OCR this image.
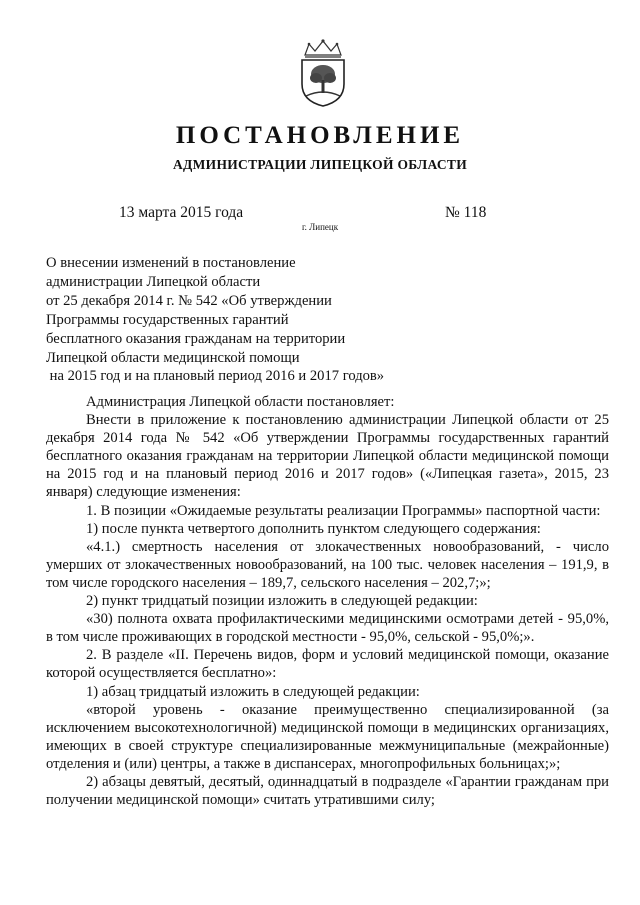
ПОСТАНОВЛЕНИЕ
АДМИНИСТРАЦИИ ЛИПЕЦКОЙ ОБЛАСТИ
13 марта 2015 года
г. Липецк
№ 118
О внесении изменений в постановление
администрации Липецкой области
от 25 декабря 2014 г. № 542 «Об утверждении
Программы государственных гарантий
бесплатного оказания гражданам на территории
Липецкой области медицинской помощи
на 2015 год и на плановый период 2016 и 2017 годов»

Администрация Липецкой области постановляет:

Внести в приложение к постановлению администрации Липецкой области от 25 декабря 2014 года № 542 «Об утверждении Программы государственных гарантий бесплатного оказания гражданам на территории Липецкой области медицинской помощи на 2015 год и на плановый период 2016 и 2017 годов» («Липецкая газета», 2015, 23 января) следующие изменения:

1. В позиции «Ожидаемые результаты реализации Программы» паспортной части:

1) после пункта четвертого дополнить пунктом следующего содержания:

«4.1.) смертность населения от злокачественных новообразований, - число умерших от злокачественных новообразований, на 100 тыс. человек населения – 191,9, в том числе городского населения – 189,7, сельского населения – 202,7;»;

2) пункт тридцатый позиции изложить в следующей редакции:

«30) полнота охвата профилактическими медицинскими осмотрами детей - 95,0%, в том числе проживающих в городской местности - 95,0%, сельской - 95,0%;».

2. В разделе «II. Перечень видов, форм и условий медицинской помощи, оказание которой осуществляется бесплатно»:

1) абзац тридцатый изложить в следующей редакции:

«второй уровень - оказание преимущественно специализированной (за исключением высокотехнологичной) медицинской помощи в медицинских организациях, имеющих в своей структуре специализированные межмуниципальные (межрайонные) отделения и (или) центры, а также в диспансерах, многопрофильных больницах;»;

2) абзацы девятый, десятый, одиннадцатый в подразделе «Гарантии гражданам при получении медицинской помощи» считать утратившими силу;
